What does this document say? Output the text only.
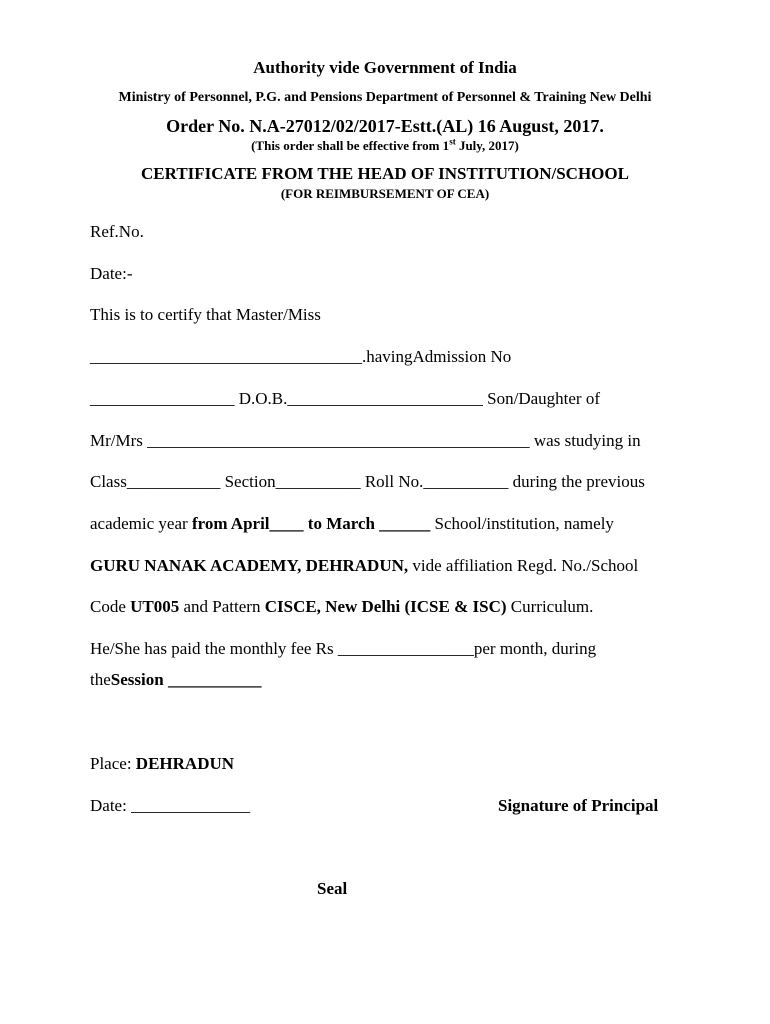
Authority vide Government of India
Ministry of Personnel, P.G. and Pensions Department of Personnel & Training New Delhi
Order No. N.A-27012/02/2017-Estt.(AL) 16 August, 2017.
(This order shall be effective from 1st July, 2017)
CERTIFICATE FROM THE HEAD OF INSTITUTION/SCHOOL
(FOR REIMBURSEMENT OF CEA)
Ref.No.
Date:-
This is to certify that Master/Miss
________________________________.havingAdmission No
_________________ D.O.B._______________________ Son/Daughter of
Mr/Mrs _____________________________________________ was studying in
Class___________ Section__________ Roll No.__________ during the previous
academic year from April____ to March ______ School/institution, namely
GURU NANAK ACADEMY, DEHRADUN, vide affiliation Regd. No./School
Code UT005 and Pattern CISCE, New Delhi (ICSE & ISC) Curriculum.
He/She has paid the monthly fee Rs ________________per month, during
theSession ___________
Place: DEHRADUN
Date: ______________	Signature of Principal
Seal
